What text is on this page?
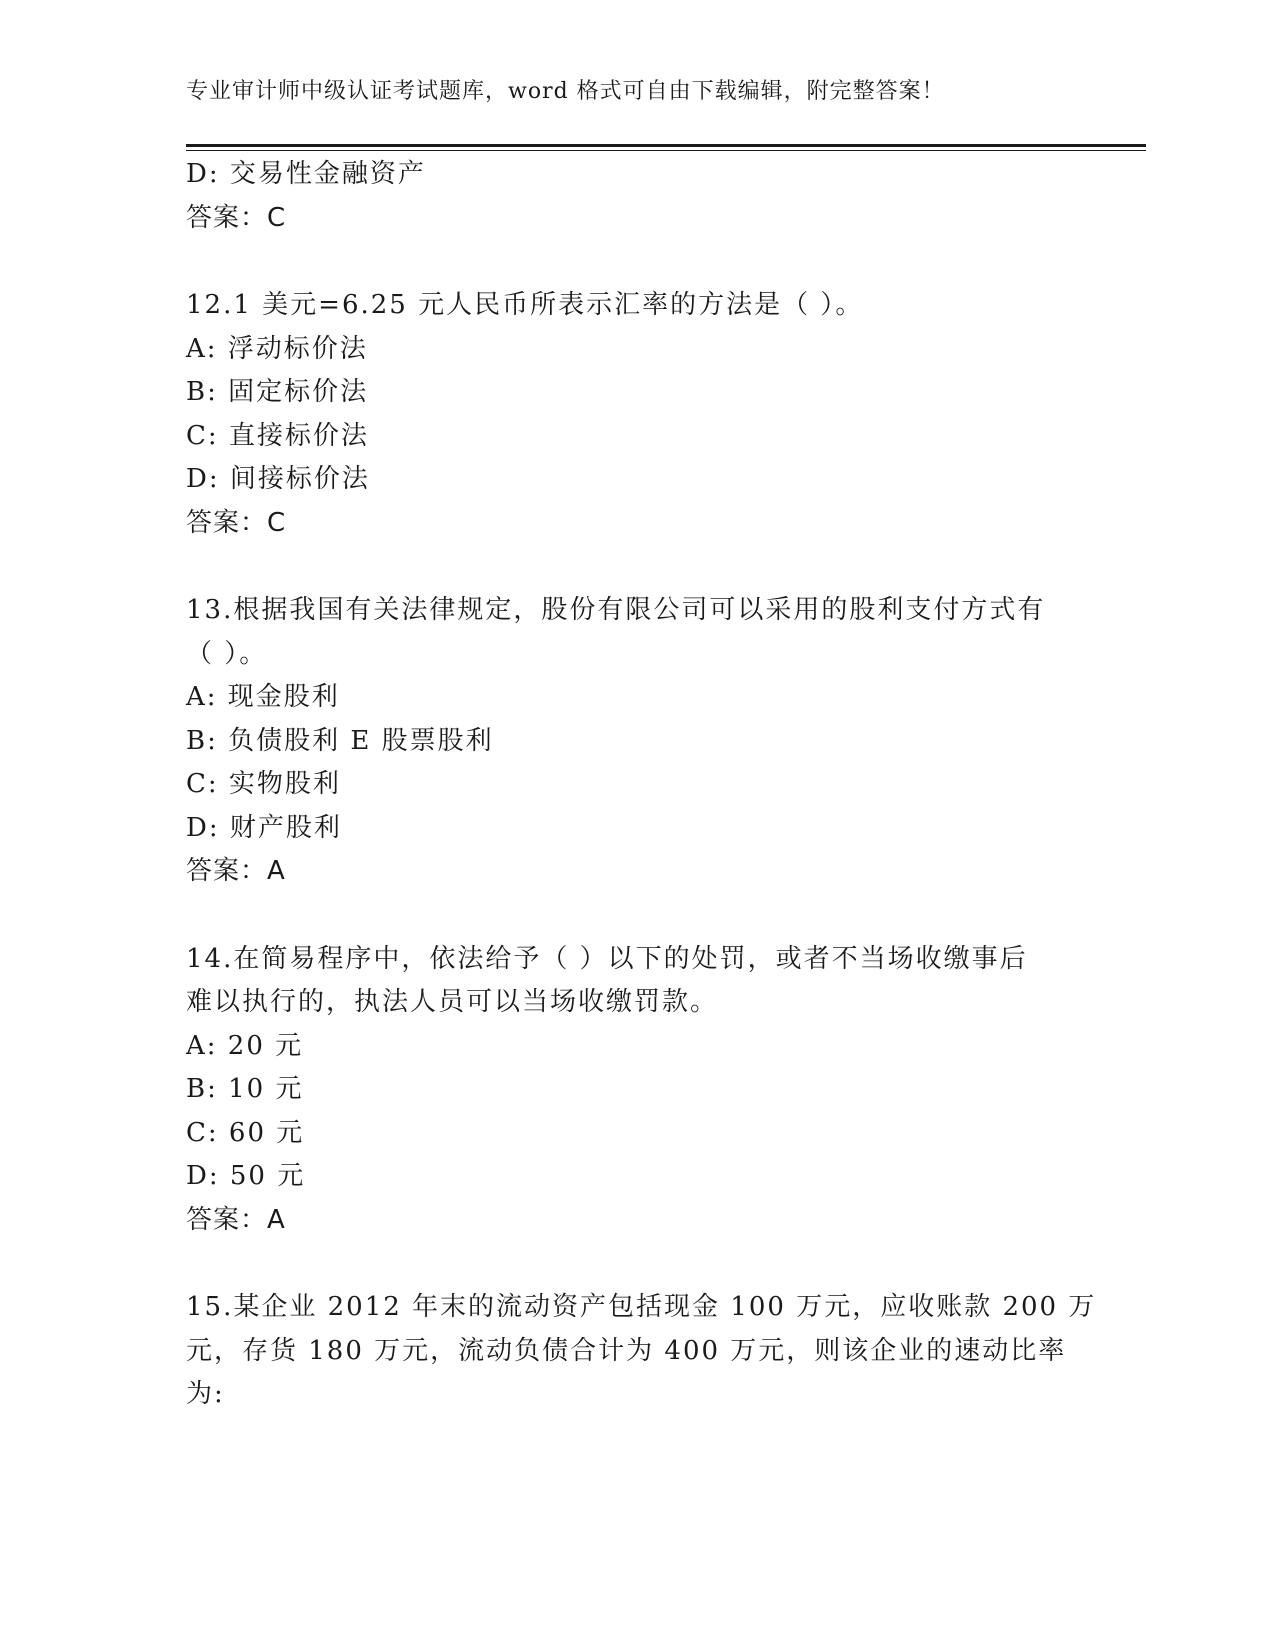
专业审计师中级认证考试题库，word 格式可自由下载编辑，附完整答案！
D: 交易性金融资产
答案：C
12.1 美元=6.25 元人民币所表示汇率的方法是（ ）。
A: 浮动标价法
B: 固定标价法
C: 直接标价法
D: 间接标价法
答案：C
13.根据我国有关法律规定，股份有限公司可以采用的股利支付方式有
（ ）。
A: 现金股利
B: 负债股利 E 股票股利
C: 实物股利
D: 财产股利
答案：A
14.在简易程序中，依法给予（ ）以下的处罚，或者不当场收缴事后
难以执行的，执法人员可以当场收缴罚款。
A: 20 元
B: 10 元
C: 60 元
D: 50 元
答案：A
15.某企业 2012 年末的流动资产包括现金 100 万元，应收账款 200 万
元，存货 180 万元，流动负债合计为 400 万元，则该企业的速动比率
为:
